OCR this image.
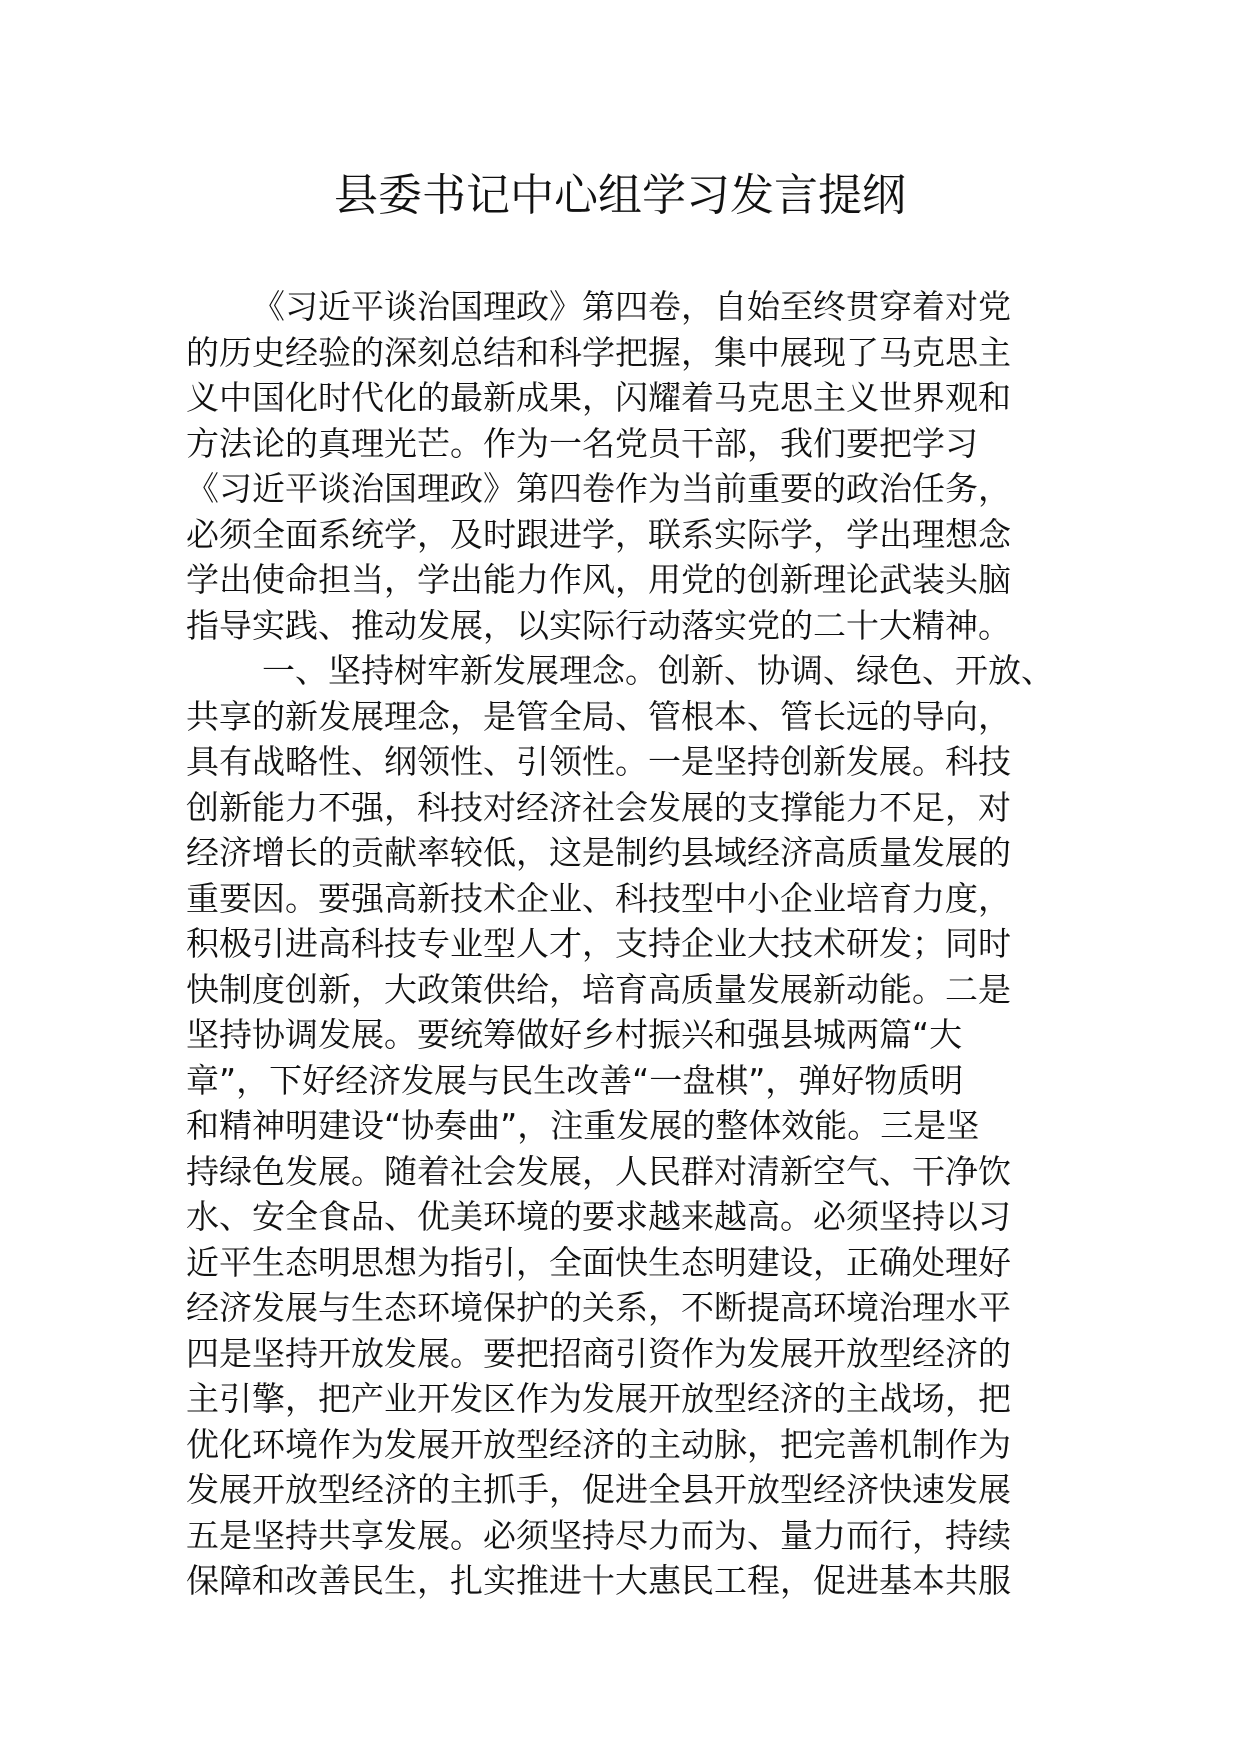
县委书记中心组学习发言提纲
《习近平谈治国理政》第四卷，自始至终贯穿着对党
的历史经验的深刻总结和科学把握，集中展现了马克思主
义中国化时代化的最新成果，闪耀着马克思主义世界观和
方法论的真理光芒。作为一名党员干部，我们要把学习
《习近平谈治国理政》第四卷作为当前重要的政治任务，
必须全面系统学，及时跟进学，联系实际学，学出理想念
学出使命担当，学出能力作风，用党的创新理论武装头脑
指导实践、推动发展，以实际行动落实党的二十大精神。
一、坚持树牢新发展理念。创新、协调、绿色、开放、
共享的新发展理念，是管全局、管根本、管长远的导向，
具有战略性、纲领性、引领性。一是坚持创新发展。科技
创新能力不强，科技对经济社会发展的支撑能力不足，对
经济增长的贡献率较低，这是制约县域经济高质量发展的
重要因。要强高新技术企业、科技型中小企业培育力度，
积极引进高科技专业型人才，支持企业大技术研发；同时
快制度创新，大政策供给，培育高质量发展新动能。二是
坚持协调发展。要统筹做好乡村振兴和强县城两篇“大
章”，下好经济发展与民生改善“一盘棋”，弹好物质明
和精神明建设“协奏曲”，注重发展的整体效能。三是坚
持绿色发展。随着社会发展，人民群对清新空气、干净饮
水、安全食品、优美环境的要求越来越高。必须坚持以习
近平生态明思想为指引，全面快生态明建设，正确处理好
经济发展与生态环境保护的关系，不断提高环境治理水平
四是坚持开放发展。要把招商引资作为发展开放型经济的
主引擎，把产业开发区作为发展开放型经济的主战场，把
优化环境作为发展开放型经济的主动脉，把完善机制作为
发展开放型经济的主抓手，促进全县开放型经济快速发展
五是坚持共享发展。必须坚持尽力而为、量力而行，持续
保障和改善民生，扎实推进十大惠民工程，促进基本共服
